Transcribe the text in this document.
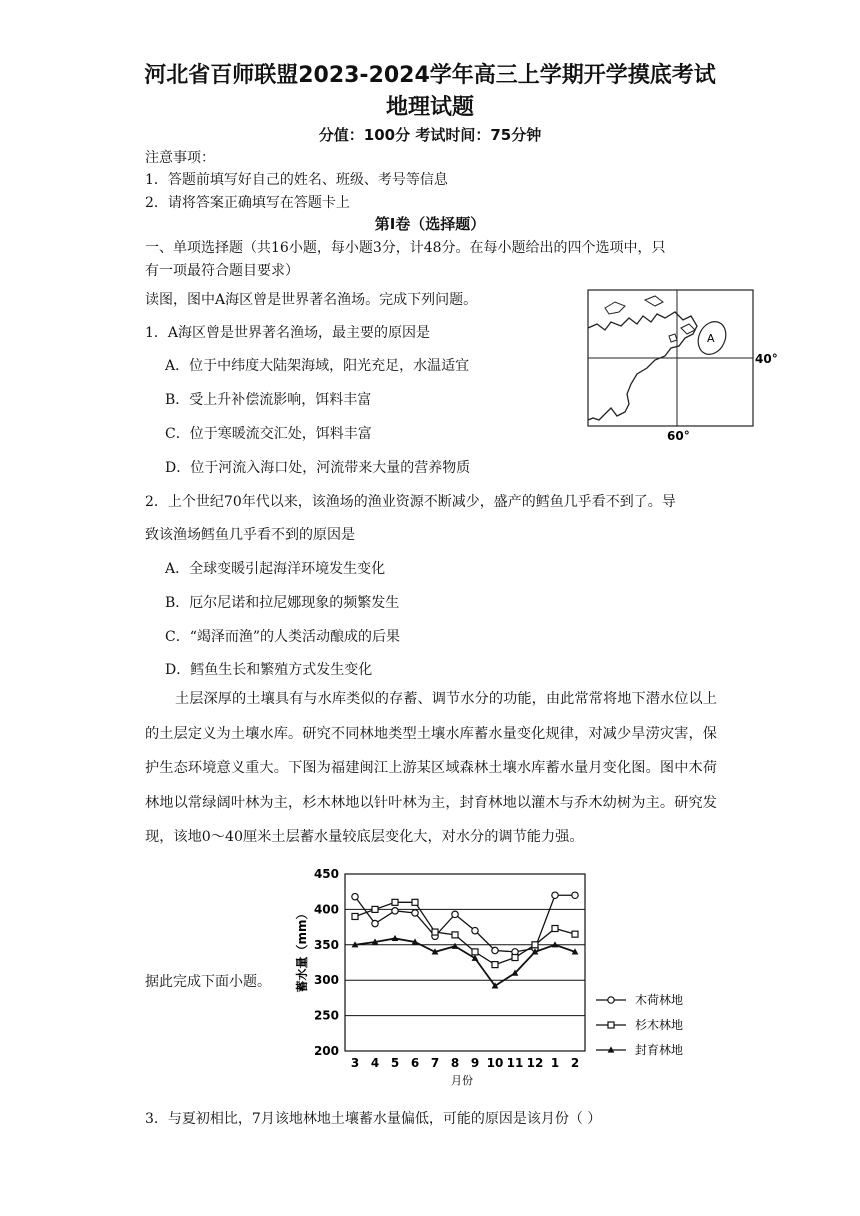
河北省百师联盟2023-2024学年高三上学期开学摸底考试
地理试题
分值：100分 考试时间：75分钟
注意事项：
1．答题前填写好自己的姓名、班级、考号等信息
2．请将答案正确填写在答题卡上
第Ⅰ卷（选择题）
一、单项选择题（共16小题，每小题3分，计48分。在每小题给出的四个选项中，只
有一项最符合题目要求）
读图，图中A海区曾是世界著名渔场。完成下列问题。
A
40°
60°
1．A海区曾是世界著名渔场，最主要的原因是
A．位于中纬度大陆架海域，阳光充足，水温适宜
B．受上升补偿流影响，饵料丰富
C．位于寒暖流交汇处，饵料丰富
D．位于河流入海口处，河流带来大量的营养物质
2．上个世纪70年代以来，该渔场的渔业资源不断减少，盛产的鳕鱼几乎看不到了。导
致该渔场鳕鱼几乎看不到的原因是
A．全球变暖引起海洋环境发生变化
B．厄尔尼诺和拉尼娜现象的频繁发生
C．“竭泽而渔”的人类活动酿成的后果
D．鳕鱼生长和繁殖方式发生变化
土层深厚的土壤具有与水库类似的存蓄、调节水分的功能，由此常常将地下潜水位以上的土层定义为土壤水库。研究不同林地类型土壤水库蓄水量变化规律，对减少旱涝灾害，保护生态环境意义重大。下图为福建闽江上游某区域森林土壤水库蓄水量月变化图。图中木荷林地以常绿阔叶林为主，杉木林地以针叶林为主，封育林地以灌木与乔木幼树为主。研究发现，该地0～40厘米土层蓄水量较底层变化大，对水分的调节能力强。
据此完成下面小题。
200
250
300
350
400
450
3 4 5 6 7 8 9 10 11 12 1 2
蓄水量（mm）
月份
木荷林地
杉木林地
封育林地
3．与夏初相比，7月该地林地土壤蓄水量偏低，可能的原因是该月份（ ）
